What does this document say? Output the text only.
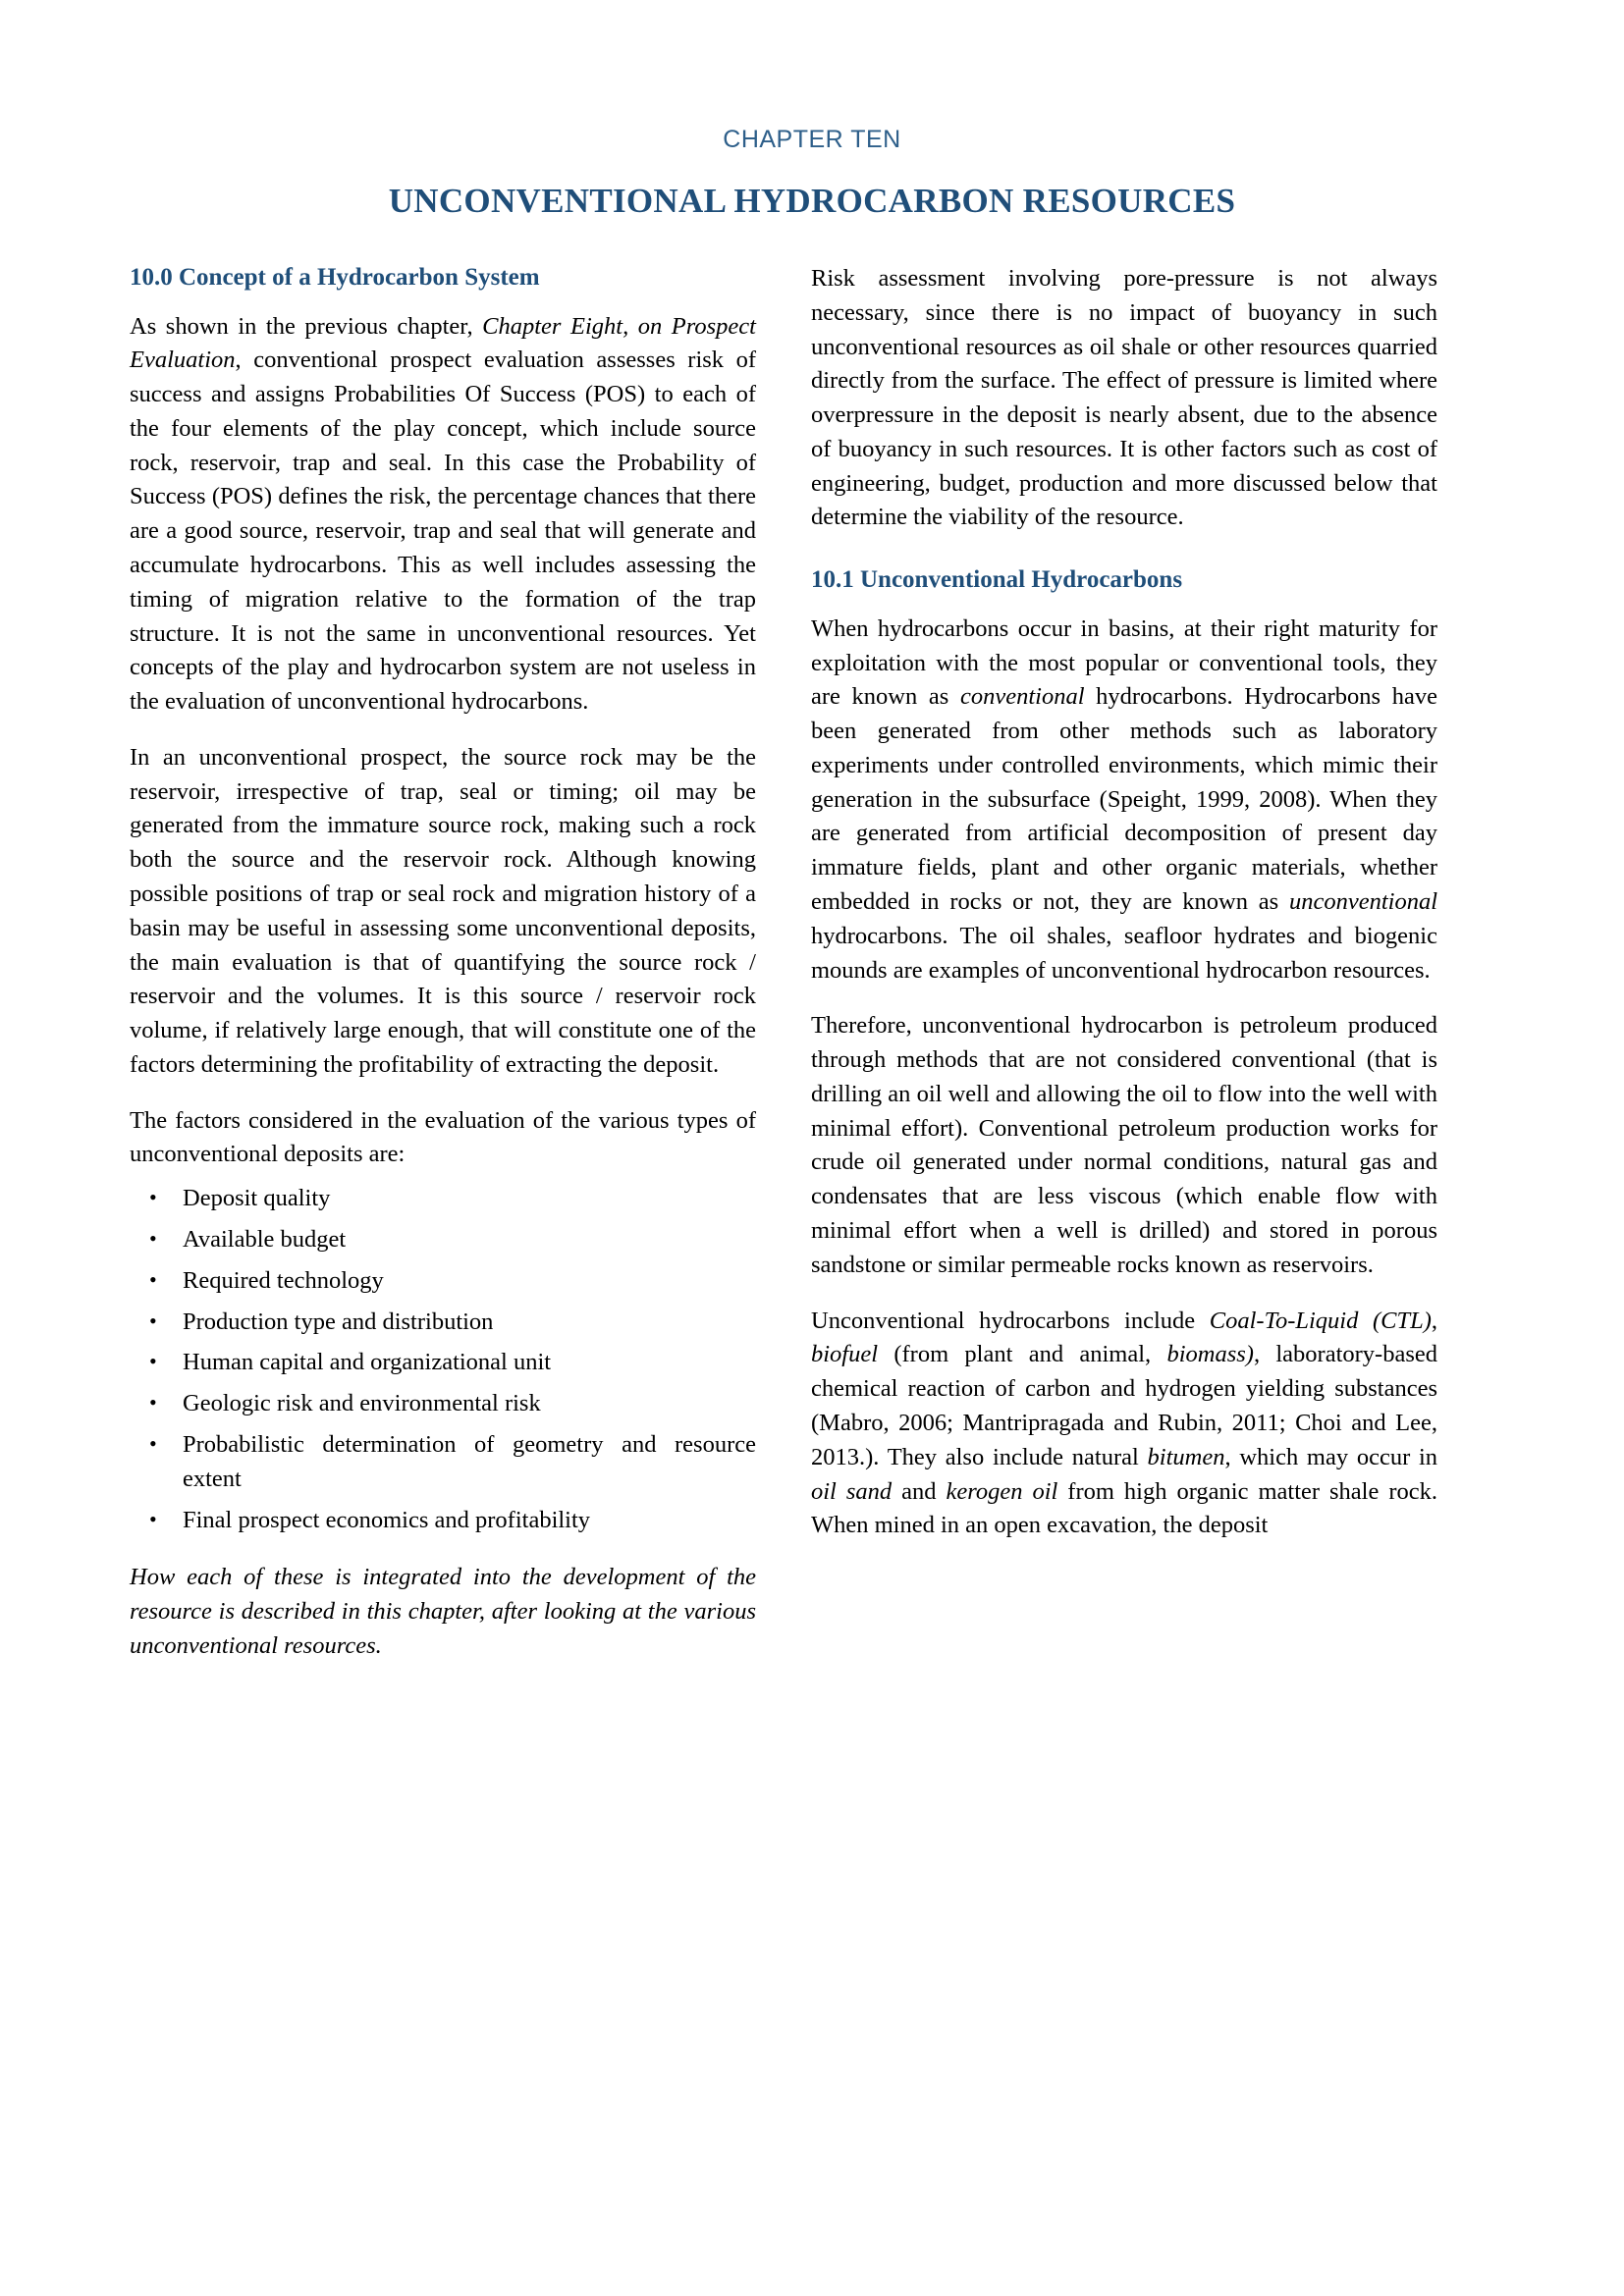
CHAPTER TEN
UNCONVENTIONAL HYDROCARBON RESOURCES
10.0 Concept of a Hydrocarbon System

As shown in the previous chapter, Chapter Eight, on Prospect Evaluation, conventional prospect evaluation assesses risk of success and assigns Probabilities Of Success (POS) to each of the four elements of the play concept, which include source rock, reservoir, trap and seal. In this case the Probability of Success (POS) defines the risk, the percentage chances that there are a good source, reservoir, trap and seal that will generate and accumulate hydrocarbons. This as well includes assessing the timing of migration relative to the formation of the trap structure. It is not the same in unconventional resources. Yet concepts of the play and hydrocarbon system are not useless in the evaluation of unconventional hydrocarbons.

In an unconventional prospect, the source rock may be the reservoir, irrespective of trap, seal or timing; oil may be generated from the immature source rock, making such a rock both the source and the reservoir rock. Although knowing possible positions of trap or seal rock and migration history of a basin may be useful in assessing some unconventional deposits, the main evaluation is that of quantifying the source rock / reservoir and the volumes. It is this source / reservoir rock volume, if relatively large enough, that will constitute one of the factors determining the profitability of extracting the deposit.

The factors considered in the evaluation of the various types of unconventional deposits are:

• Deposit quality
• Available budget
• Required technology
• Production type and distribution
• Human capital and organizational unit
• Geologic risk and environmental risk
• Probabilistic determination of geometry and resource extent
• Final prospect economics and profitability

How each of these is integrated into the development of the resource is described in this chapter, after looking at the various unconventional resources.

Risk assessment involving pore-pressure is not always necessary, since there is no impact of buoyancy in such unconventional resources as oil shale or other resources quarried directly from the surface. The effect of pressure is limited where overpressure in the deposit is nearly absent, due to the absence of buoyancy in such resources. It is other factors such as cost of engineering, budget, production and more discussed below that determine the viability of the resource.

10.1 Unconventional Hydrocarbons

When hydrocarbons occur in basins, at their right maturity for exploitation with the most popular or conventional tools, they are known as conventional hydrocarbons. Hydrocarbons have been generated from other methods such as laboratory experiments under controlled environments, which mimic their generation in the subsurface (Speight, 1999, 2008). When they are generated from artificial decomposition of present day immature fields, plant and other organic materials, whether embedded in rocks or not, they are known as unconventional hydrocarbons. The oil shales, seafloor hydrates and biogenic mounds are examples of unconventional hydrocarbon resources.

Therefore, unconventional hydrocarbon is petroleum produced through methods that are not considered conventional (that is drilling an oil well and allowing the oil to flow into the well with minimal effort). Conventional petroleum production works for crude oil generated under normal conditions, natural gas and condensates that are less viscous (which enable flow with minimal effort when a well is drilled) and stored in porous sandstone or similar permeable rocks known as reservoirs.

Unconventional hydrocarbons include Coal-To-Liquid (CTL), biofuel (from plant and animal, biomass), laboratory-based chemical reaction of carbon and hydrogen yielding substances (Mabro, 2006; Mantripragada and Rubin, 2011; Choi and Lee, 2013.). They also include natural bitumen, which may occur in oil sand and kerogen oil from high organic matter shale rock. When mined in an open excavation, the deposit
